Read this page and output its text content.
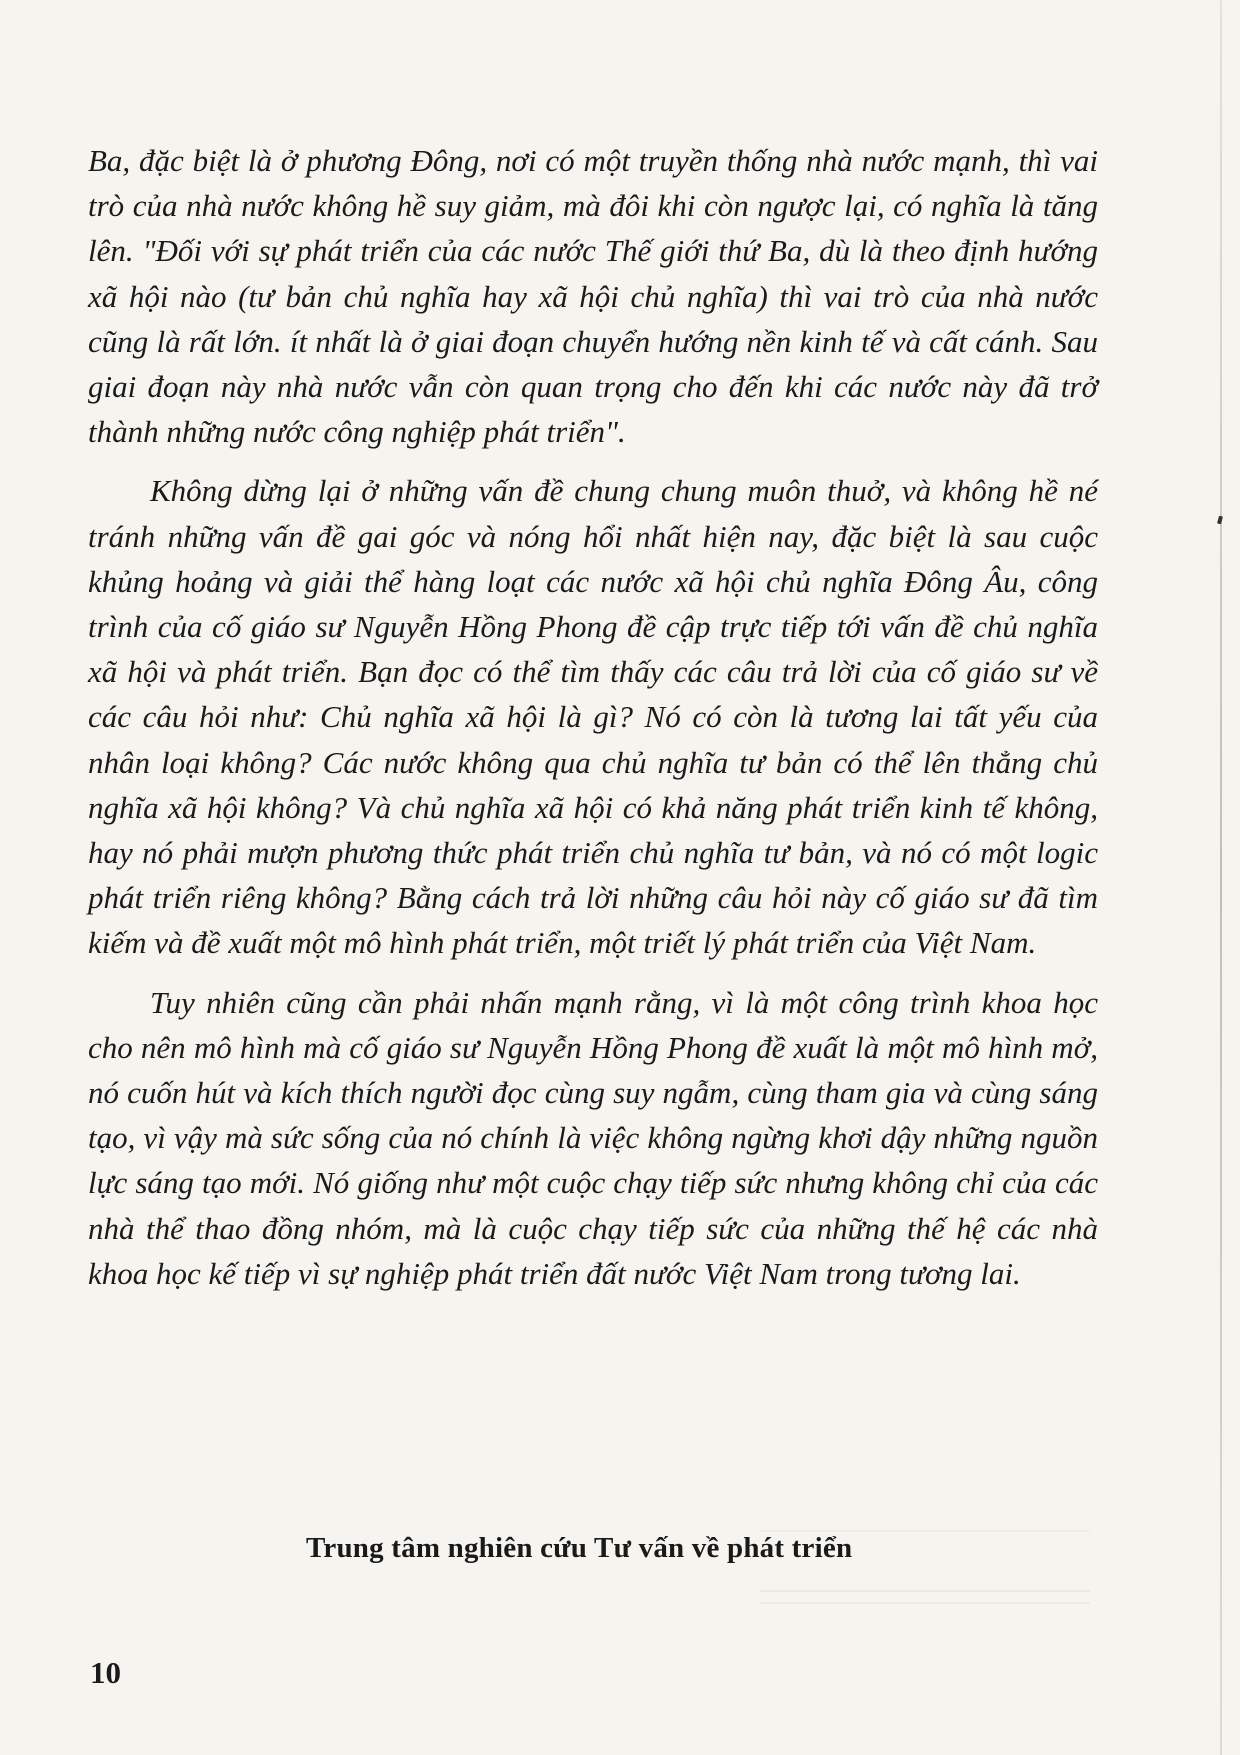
Ba, đặc biệt là ở phương Đông, nơi có một truyền thống nhà nước mạnh, thì vai trò của nhà nước không hề suy giảm, mà đôi khi còn ngược lại, có nghĩa là tăng lên. "Đối với sự phát triển của các nước Thế giới thứ Ba, dù là theo định hướng xã hội nào (tư bản chủ nghĩa hay xã hội chủ nghĩa) thì vai trò của nhà nước cũng là rất lớn. ít nhất là ở giai đoạn chuyển hướng nền kinh tế và cất cánh. Sau giai đoạn này nhà nước vẫn còn quan trọng cho đến khi các nước này đã trở thành những nước công nghiệp phát triển".

Không dừng lại ở những vấn đề chung chung muôn thuở, và không hề né tránh những vấn đề gai góc và nóng hổi nhất hiện nay, đặc biệt là sau cuộc khủng hoảng và giải thể hàng loạt các nước xã hội chủ nghĩa Đông Âu, công trình của cố giáo sư Nguyễn Hồng Phong đề cập trực tiếp tới vấn đề chủ nghĩa xã hội và phát triển. Bạn đọc có thể tìm thấy các câu trả lời của cố giáo sư về các câu hỏi như: Chủ nghĩa xã hội là gì? Nó có còn là tương lai tất yếu của nhân loại không? Các nước không qua chủ nghĩa tư bản có thể lên thẳng chủ nghĩa xã hội không? Và chủ nghĩa xã hội có khả năng phát triển kinh tế không, hay nó phải mượn phương thức phát triển chủ nghĩa tư bản, và nó có một logic phát triển riêng không? Bằng cách trả lời những câu hỏi này cố giáo sư đã tìm kiếm và đề xuất một mô hình phát triển, một triết lý phát triển của Việt Nam.

Tuy nhiên cũng cần phải nhấn mạnh rằng, vì là một công trình khoa học cho nên mô hình mà cố giáo sư Nguyễn Hồng Phong đề xuất là một mô hình mở, nó cuốn hút và kích thích người đọc cùng suy ngẫm, cùng tham gia và cùng sáng tạo, vì vậy mà sức sống của nó chính là việc không ngừng khơi dậy những nguồn lực sáng tạo mới. Nó giống như một cuộc chạy tiếp sức nhưng không chỉ của các nhà thể thao đồng nhóm, mà là cuộc chạy tiếp sức của những thế hệ các nhà khoa học kế tiếp vì sự nghiệp phát triển đất nước Việt Nam trong tương lai.

Trung tâm nghiên cứu Tư vấn về phát triển
10
